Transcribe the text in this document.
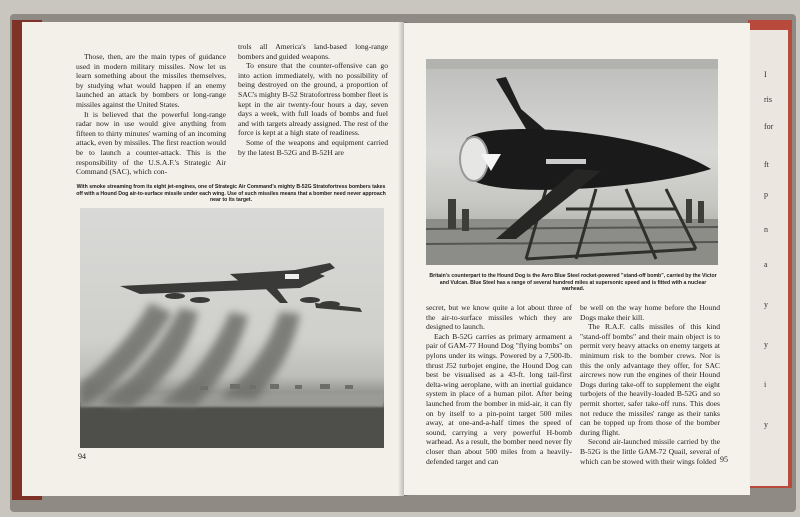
I
ris
for
ft
p
n
a
y
y
i
y

Those, then, are the main types of guidance used in modern military missiles. Now let us learn something about the missiles themselves, by studying what would happen if an enemy launched an attack by bombers or long-range missiles against the United States.

It is believed that the powerful long-range radar now in use would give anything from fifteen to thirty minutes' warning of an incoming attack, even by missiles. The first reaction would be to launch a counter-attack. This is the responsibility of the U.S.A.F.'s Strategic Air Command (SAC), which con-

trols all America's land-based long-range bombers and guided weapons.

To ensure that the counter-offensive can go into action immediately, with no possibility of being destroyed on the ground, a proportion of SAC's mighty B-52 Stratofortress bomber fleet is kept in the air twenty-four hours a day, seven days a week, with full loads of bombs and fuel and with targets already assigned. The rest of the force is kept at a high state of readiness.

Some of the weapons and equipment carried by the latest B-52G and B-52H are

With smoke streaming from its eight jet-engines, one of Strategic Air Command's mighty B-52G Stratofortress bombers takes off with a Hound Dog air-to-surface missile under each wing. Use of such missiles means that a bomber need never approach near to its target.
94
Britain's counterpart to the Hound Dog is the Avro Blue Steel rocket-powered "stand-off bomb", carried by the Victor and Vulcan. Blue Steel has a range of several hundred miles at supersonic speed and is fitted with a nuclear warhead.

secret, but we know quite a lot about three of the air-to-surface missiles which they are designed to launch.

Each B-52G carries as primary armament a pair of GAM-77 Hound Dog "flying bombs" on pylons under its wings. Powered by a 7,500-lb. thrust J52 turbojet engine, the Hound Dog can best be visualised as a 43-ft. long tail-first delta-wing aeroplane, with an inertial guidance system in place of a human pilot. After being launched from the bomber in mid-air, it can fly on by itself to a pin-point target 500 miles away, at one-and-a-half times the speed of sound, carrying a very powerful H-bomb warhead. As a result, the bomber need never fly closer than about 500 miles from a heavily-defended target and can

be well on the way home before the Hound Dogs make their kill.

The R.A.F. calls missiles of this kind "stand-off bombs" and their main object is to permit very heavy attacks on enemy targets at minimum risk to the bomber crews. Nor is this the only advantage they offer, for SAC aircrews now run the engines of their Hound Dogs during take-off to supplement the eight turbojets of the heavily-loaded B-52G and so permit shorter, safer take-off runs. This does not reduce the missiles' range as their tanks can be topped up from those of the bomber during flight.

Second air-launched missile carried by the B-52G is the little GAM-72 Quail, several of which can be stowed with their wings folded 95
